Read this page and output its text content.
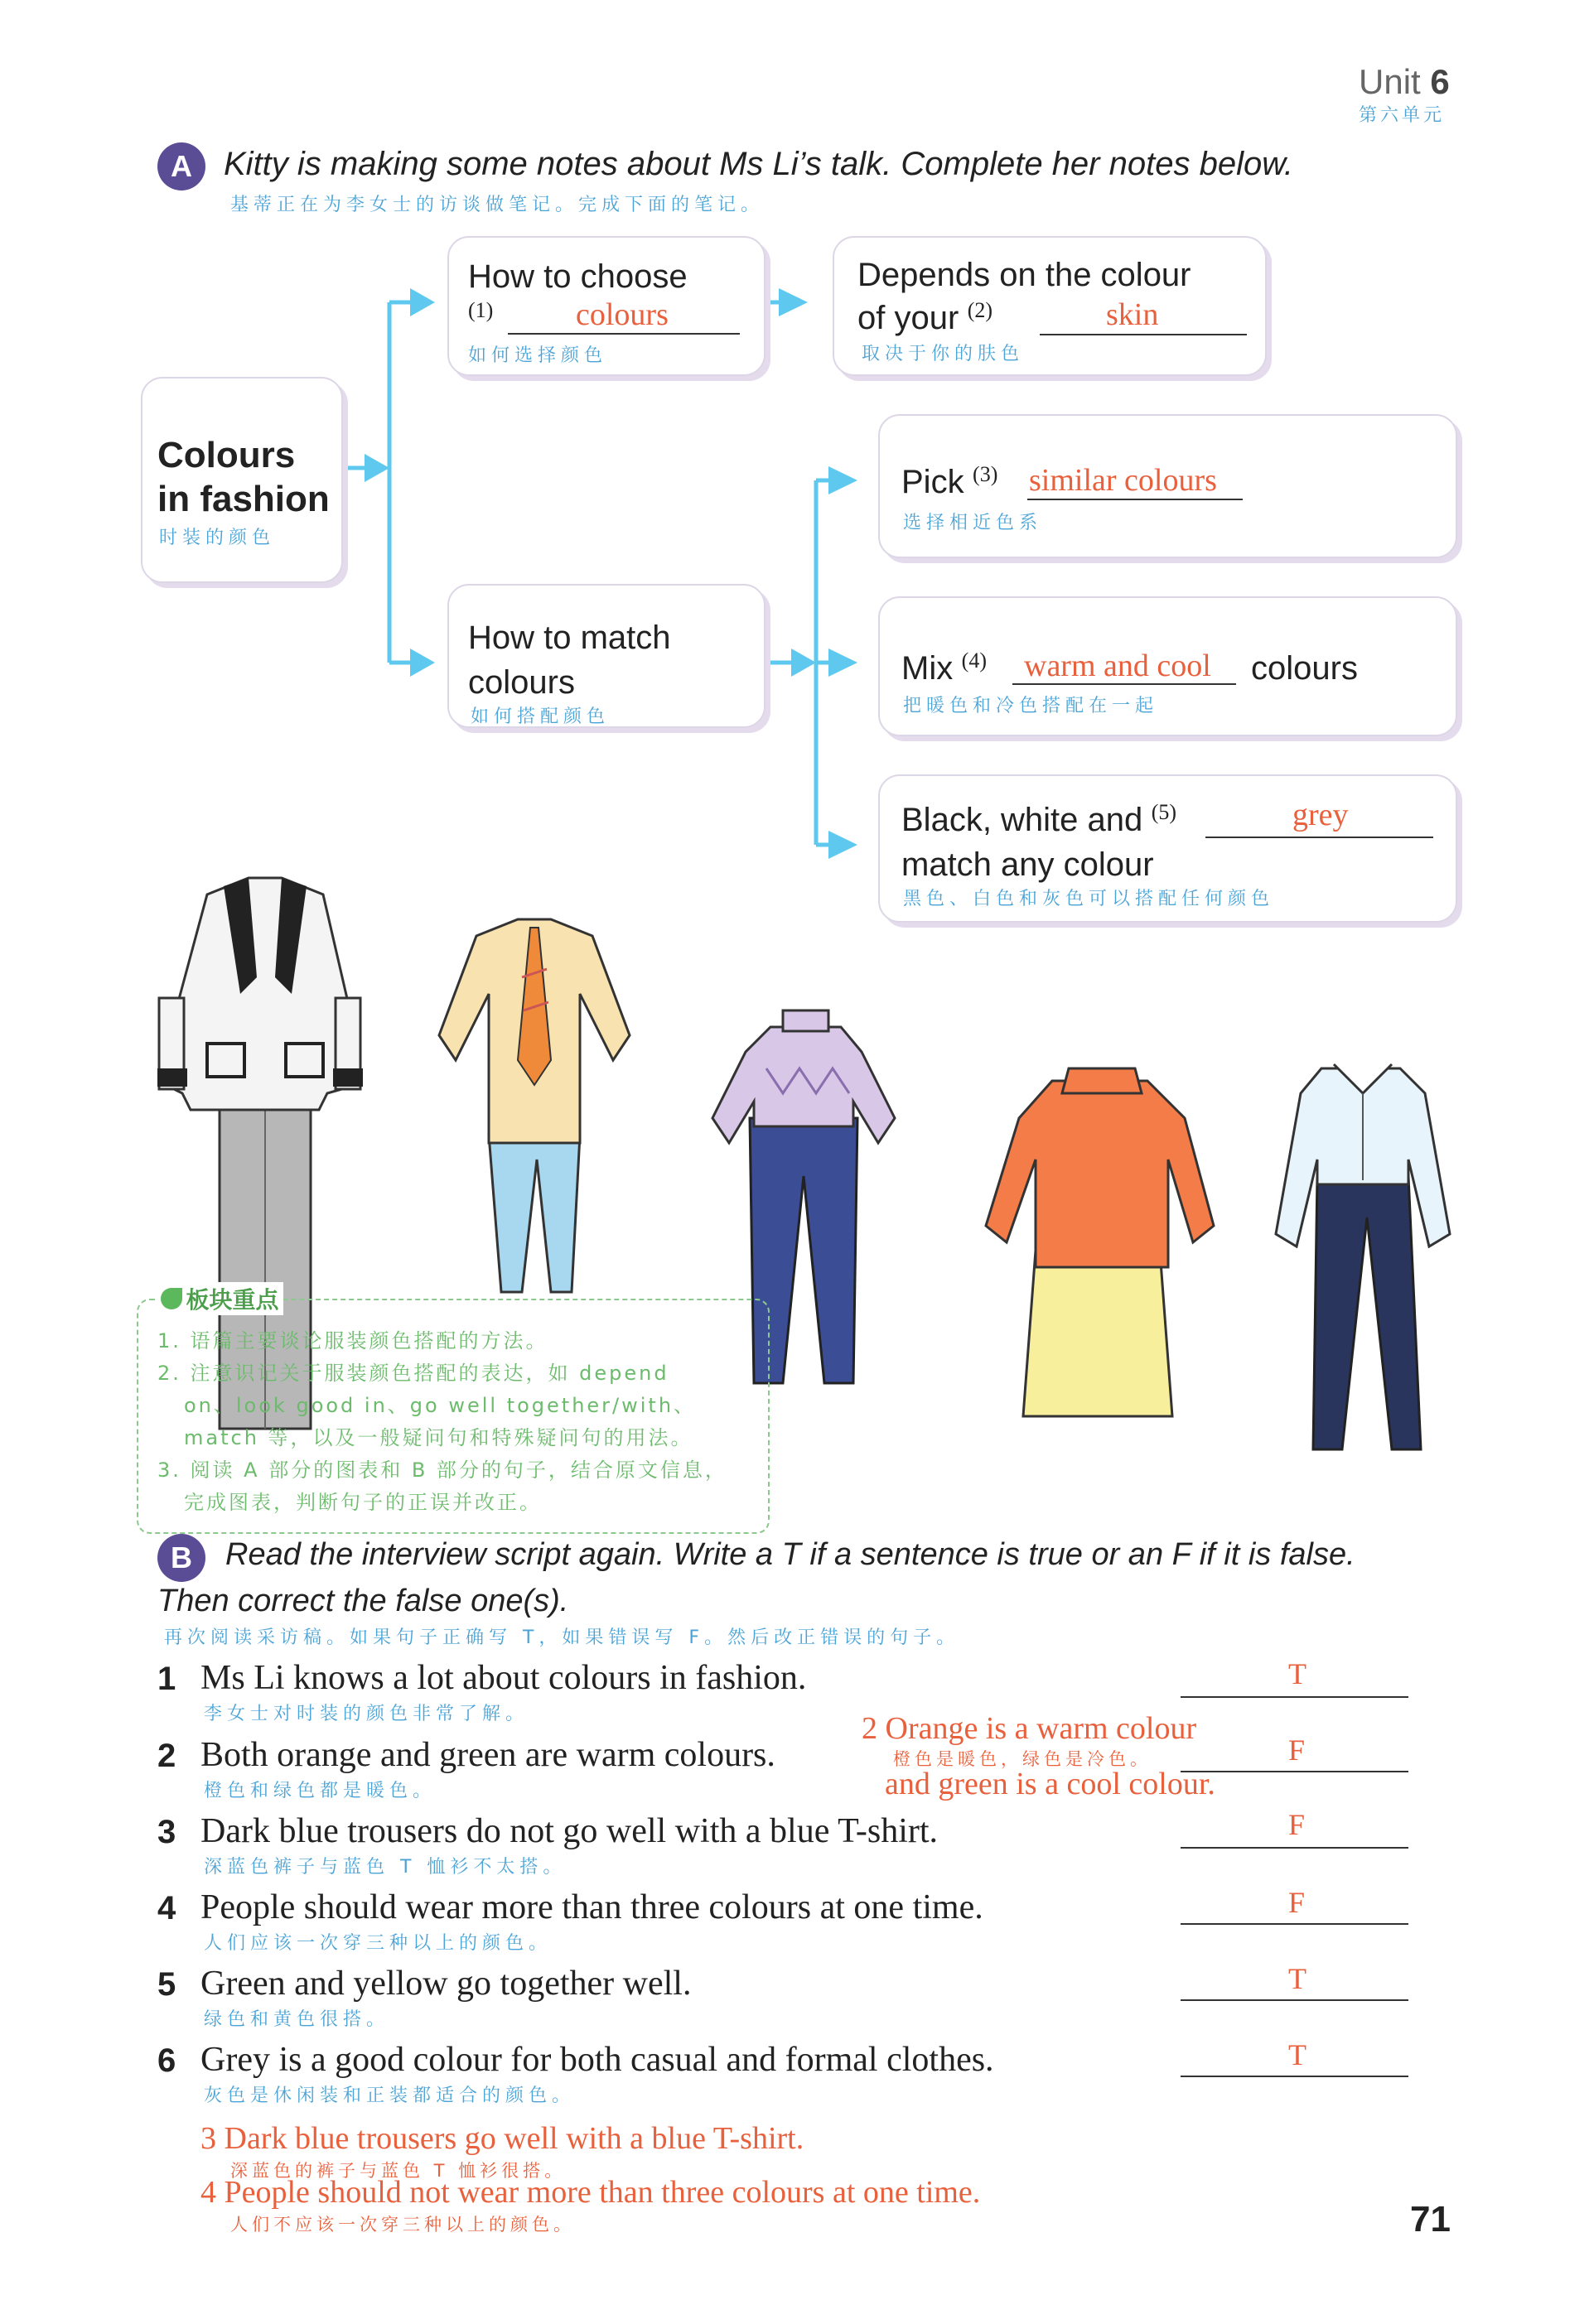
Unit 6
第六单元
A Kitty is making some notes about Ms Li’s talk. Complete her notes below.
基蒂正在为李女士的访谈做笔记。完成下面的笔记。
Colours
in fashion
时装的颜色
How to choose
(1)	colours
如何选择颜色
Depends on the colour
of your (2)	skin
取决于你的肤色
How to match
colours
如何搭配颜色
Pick (3) similar colours
选择相近色系
Mix (4) warm and cool colours
把暖色和冷色搭配在一起
Black, white and (5)	grey
match any colour
黑色、白色和灰色可以搭配任何颜色
板块重点
1. 语篇主要谈论服装颜色搭配的方法。
2. 注意识记关于服装颜色搭配的表达，如 depend
on、look good in、go well together/with、
match 等，以及一般疑问句和特殊疑问句的用法。
3. 阅读 A 部分的图表和 B 部分的句子，结合原文信息，
完成图表，判断句子的正误并改正。
B	Read the interview script again. Write a T if a sentence is true or an F if it is false.
Then correct the false one(s).
再次阅读采访稿。如果句子正确写 T，如果错误写 F。然后改正错误的句子。
1 Ms Li knows a lot about colours in fashion.
李女士对时装的颜色非常了解。
T
2 Both orange and green are warm colours.
橙色和绿色都是暖色。
F
2 Orange is a warm colour
橙色是暖色，绿色是冷色。
and green is a cool colour.
3 Dark blue trousers do not go well with a blue T-shirt.
深蓝色裤子与蓝色 T 恤衫不太搭。
F
4 People should wear more than three colours at one time.
人们应该一次穿三种以上的颜色。
F
5 Green and yellow go together well.
绿色和黄色很搭。
T
6 Grey is a good colour for both casual and formal clothes.
灰色是休闲装和正装都适合的颜色。
T
3 Dark blue trousers go well with a blue T-shirt.
深蓝色的裤子与蓝色 T 恤衫很搭。
4 People should not wear more than three colours at one time.
人们不应该一次穿三种以上的颜色。	71
